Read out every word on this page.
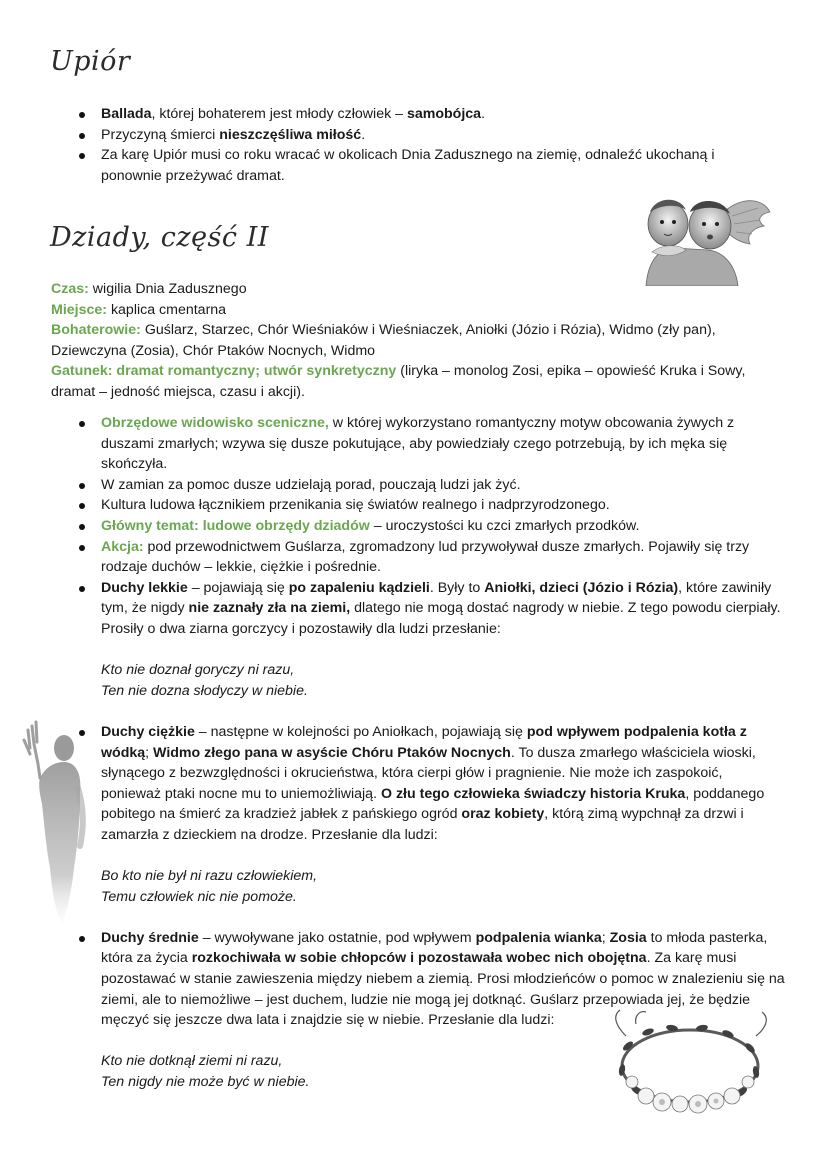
Upiór
Ballada, której bohaterem jest młody człowiek – samobójca.
Przyczyną śmierci nieszczęśliwa miłość.
Za karę Upiór musi co roku wracać w okolicach Dnia Zadusznego na ziemię, odnaleźć ukochaną i ponownie przeżywać dramat.
Dziady, część II

Czas: wigilia Dnia Zadusznego

Miejsce: kaplica cmentarna

Bohaterowie: Guślarz, Starzec, Chór Wieśniaków i Wieśniaczek, Aniołki (Józio i Rózia), Widmo (zły pan), Dziewczyna (Zosia), Chór Ptaków Nocnych, Widmo

Gatunek: dramat romantyczny; utwór synkretyczny (liryka – monolog Zosi, epika – opowieść Kruka i Sowy, dramat – jedność miejsca, czasu i akcji).

Obrzędowe widowisko sceniczne, w której wykorzystano romantyczny motyw obcowania żywych z duszami zmarłych; wzywa się dusze pokutujące, aby powiedziały czego potrzebują, by ich męka się skończyła.
W zamian za pomoc dusze udzielają porad, pouczają ludzi jak żyć.
Kultura ludowa łącznikiem przenikania się światów realnego i nadprzyrodzonego.
Główny temat: ludowe obrzędy dziadów – uroczystości ku czci zmarłych przodków.
Akcja: pod przewodnictwem Guślarza, zgromadzony lud przywoływał dusze zmarłych. Pojawiły się trzy rodzaje duchów – lekkie, ciężkie i pośrednie.
Duchy lekkie – pojawiają się po zapaleniu kądzieli. Były to Aniołki, dzieci (Józio i Rózia), które zawiniły tym, że nigdy nie zaznały zła na ziemi, dlatego nie mogą dostać nagrody w niebie. Z tego powodu cierpiały. Prosiły o dwa ziarna gorczycy i pozostawiły dla ludzi przesłanie:

Kto nie doznał goryczy ni razu,

Ten nie dozna słodyczy w niebie.

Duchy ciężkie – następne w kolejności po Aniołkach, pojawiają się pod wpływem podpalenia kotła z wódką; Widmo złego pana w asyście Chóru Ptaków Nocnych. To dusza zmarłego właściciela wioski, słynącego z bezwzględności i okrucieństwa, która cierpi głów i pragnienie. Nie może ich zaspokoić, ponieważ ptaki nocne mu to uniemożliwiają. O złu tego człowieka świadczy historia Kruka, poddanego pobitego na śmierć za kradzież jabłek z pańskiego ogród oraz kobiety, którą zimą wypchnął za drzwi i zamarzła z dzieckiem na drodze. Przesłanie dla ludzi:

Bo kto nie był ni razu człowiekiem,

Temu człowiek nic nie pomoże.

Duchy średnie – wywoływane jako ostatnie, pod wpływem podpalenia wianka; Zosia to młoda pasterka, która za życia rozkochiwała w sobie chłopców i pozostawała wobec nich obojętna. Za karę musi pozostawać w stanie zawieszenia między niebem a ziemią. Prosi młodzieńców o pomoc w znalezieniu się na ziemi, ale to niemożliwe – jest duchem, ludzie nie mogą jej dotknąć. Guślarz przepowiada jej, że będzie męczyć się jeszcze dwa lata i znajdzie się w niebie. Przesłanie dla ludzi:

Kto nie dotknął ziemi ni razu,

Ten nigdy nie może być w niebie.
